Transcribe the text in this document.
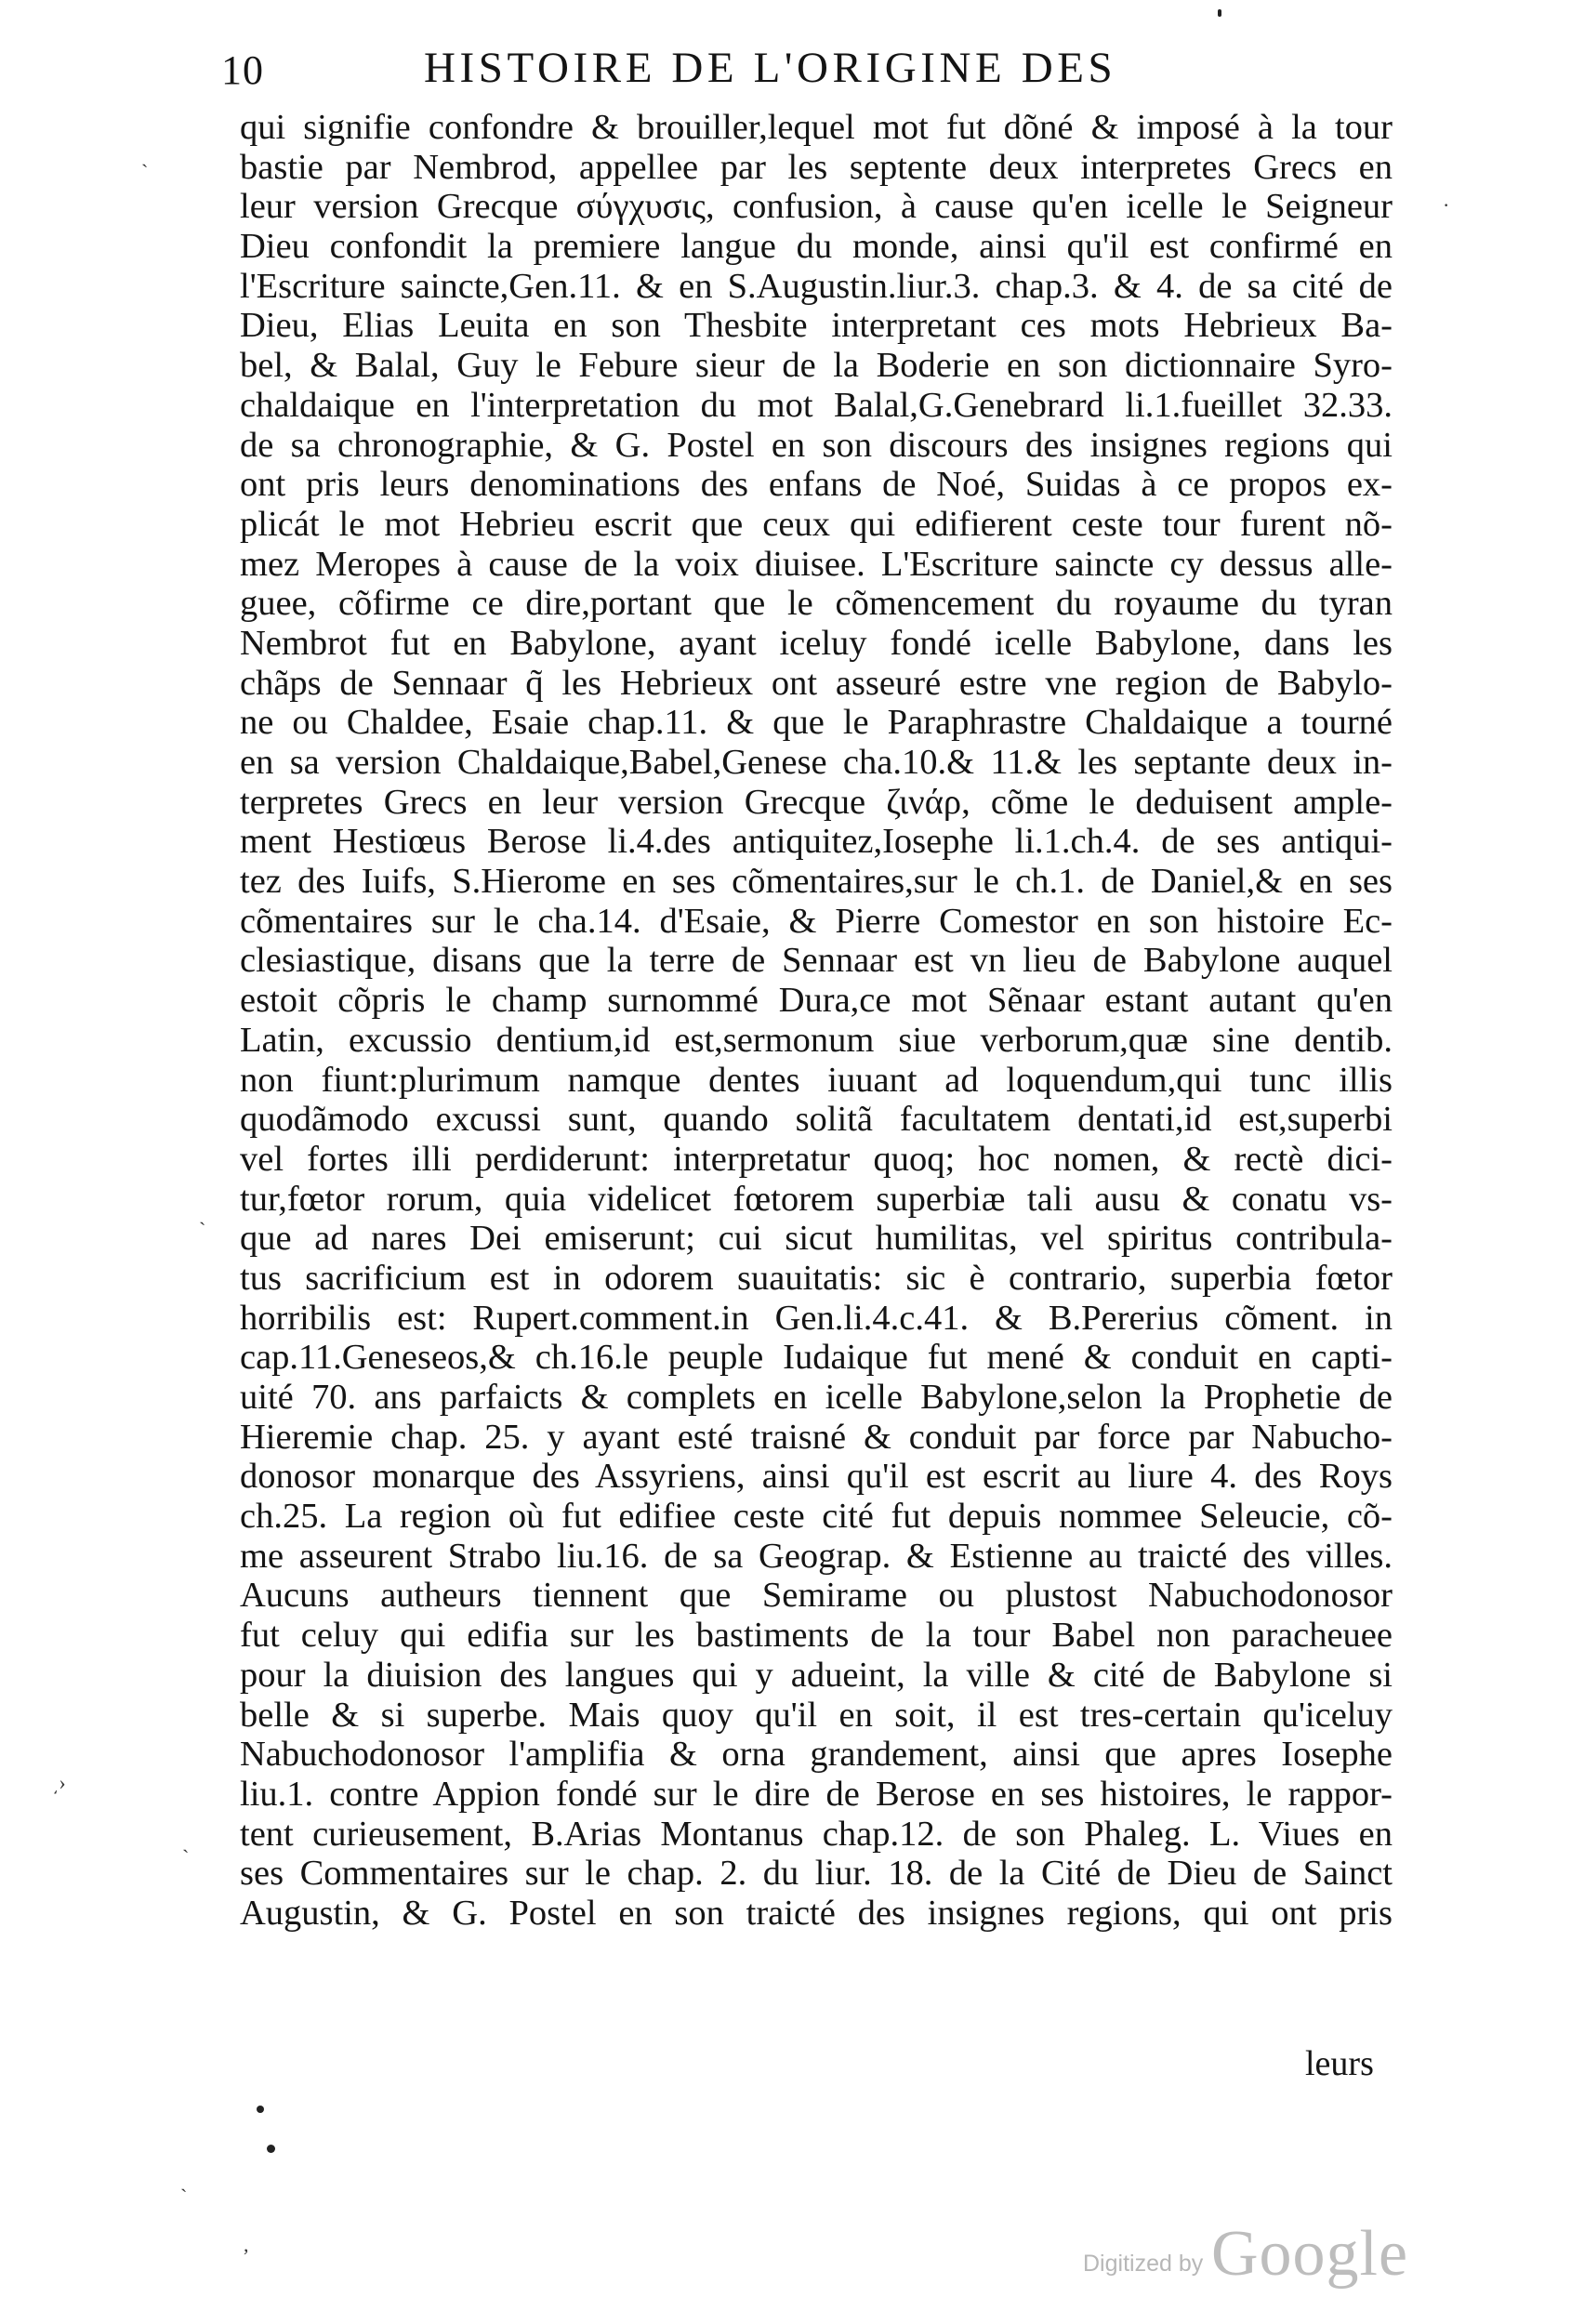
10	HISTOIRE DE L'ORIGINE DES
qui signifie confondre & brouiller,lequel mot fut dõné & imposé à la tour
bastie par Nembrod, appellee par les septente deux interpretes Grecs en
leur version Grecque σύγχυσις, confusion, à cause qu'en icelle le Seigneur
Dieu confondit la premiere langue du monde, ainsi qu'il est confirmé en
l'Escriture saincte,Gen.11. & en S.Augustin.liur.3. chap.3. & 4. de sa cité de
Dieu, Elias Leuita en son Thesbite interpretant ces mots Hebrieux Ba-
bel, & Balal, Guy le Febure sieur de la Boderie en son dictionnaire Syro-
chaldaique en l'interpretation du mot Balal,G.Genebrard li.1.fueillet 32.33.
de sa chronographie, & G. Postel en son discours des insignes regions qui
ont pris leurs denominations des enfans de Noé, Suidas à ce propos ex-
plicát le mot Hebrieu escrit que ceux qui edifierent ceste tour furent nõ-
mez Meropes à cause de la voix diuisee. L'Escriture saincte cy dessus alle-
guee, cõfirme ce dire,portant que le cõmencement du royaume du tyran
Nembrot fut en Babylone, ayant iceluy fondé icelle Babylone, dans les
chãps de Sennaar q̃ les Hebrieux ont asseuré estre vne region de Babylo-
ne ou Chaldee, Esaie chap.11. & que le Paraphrastre Chaldaique a tourné
en sa version Chaldaique,Babel,Genese cha.10.& 11.& les septante deux in-
terpretes Grecs en leur version Grecque ζινάρ, cõme le deduisent ample-
ment Hestiœus Berose li.4.des antiquitez,Iosephe li.1.ch.4. de ses antiqui-
tez des Iuifs, S.Hierome en ses cõmentaires,sur le ch.1. de Daniel,& en ses
cõmentaires sur le cha.14. d'Esaie, & Pierre Comestor en son histoire Ec-
clesiastique, disans que la terre de Sennaar est vn lieu de Babylone auquel
estoit cõpris le champ surnommé Dura,ce mot Sẽnaar estant autant qu'en
Latin, excussio dentium,id est,sermonum siue verborum,quæ sine dentib.
non fiunt:plurimum namque dentes iuuant ad loquendum,qui tunc illis
quodãmodo excussi sunt, quando solitã facultatem dentati,id est,superbi
vel fortes illi perdiderunt: interpretatur quoq; hoc nomen, & rectè dici-
tur,fœtor rorum, quia videlicet fœtorem superbiæ tali ausu & conatu vs-
que ad nares Dei emiserunt; cui sicut humilitas, vel spiritus contribula-
tus sacrificium est in odorem suauitatis: sic è contrario, superbia fœtor
horribilis est: Rupert.comment.in Gen.li.4.c.41. & B.Pererius cõment. in
cap.11.Geneseos,& ch.16.le peuple Iudaique fut mené & conduit en capti-
uité 70. ans parfaicts & complets en icelle Babylone,selon la Prophetie de
Hieremie chap. 25. y ayant esté traisné & conduit par force par Nabucho-
donosor monarque des Assyriens, ainsi qu'il est escrit au liure 4. des Roys
ch.25. La region où fut edifiee ceste cité fut depuis nommee Seleucie, cõ-
me asseurent Strabo liu.16. de sa Geograp. & Estienne au traicté des villes.
Aucuns autheurs tiennent que Semirame ou plustost Nabuchodonosor
fut celuy qui edifia sur les bastiments de la tour Babel non paracheuee
pour la diuision des langues qui y adueint, la ville & cité de Babylone si
belle & si superbe. Mais quoy qu'il en soit, il est tres-certain qu'iceluy
Nabuchodonosor l'amplifia & orna grandement, ainsi que apres Iosephe
liu.1. contre Appion fondé sur le dire de Berose en ses histoires, le rappor-
tent curieusement, B.Arias Montanus chap.12. de son Phaleg. L. Viues en
ses Commentaires sur le chap. 2. du liur. 18. de la Cité de Dieu de Sainct
Augustin, & G. Postel en son traicté des insignes regions, qui ont pris
leurs
`
·
`
͵›
`
`
,
Digitized by Google
